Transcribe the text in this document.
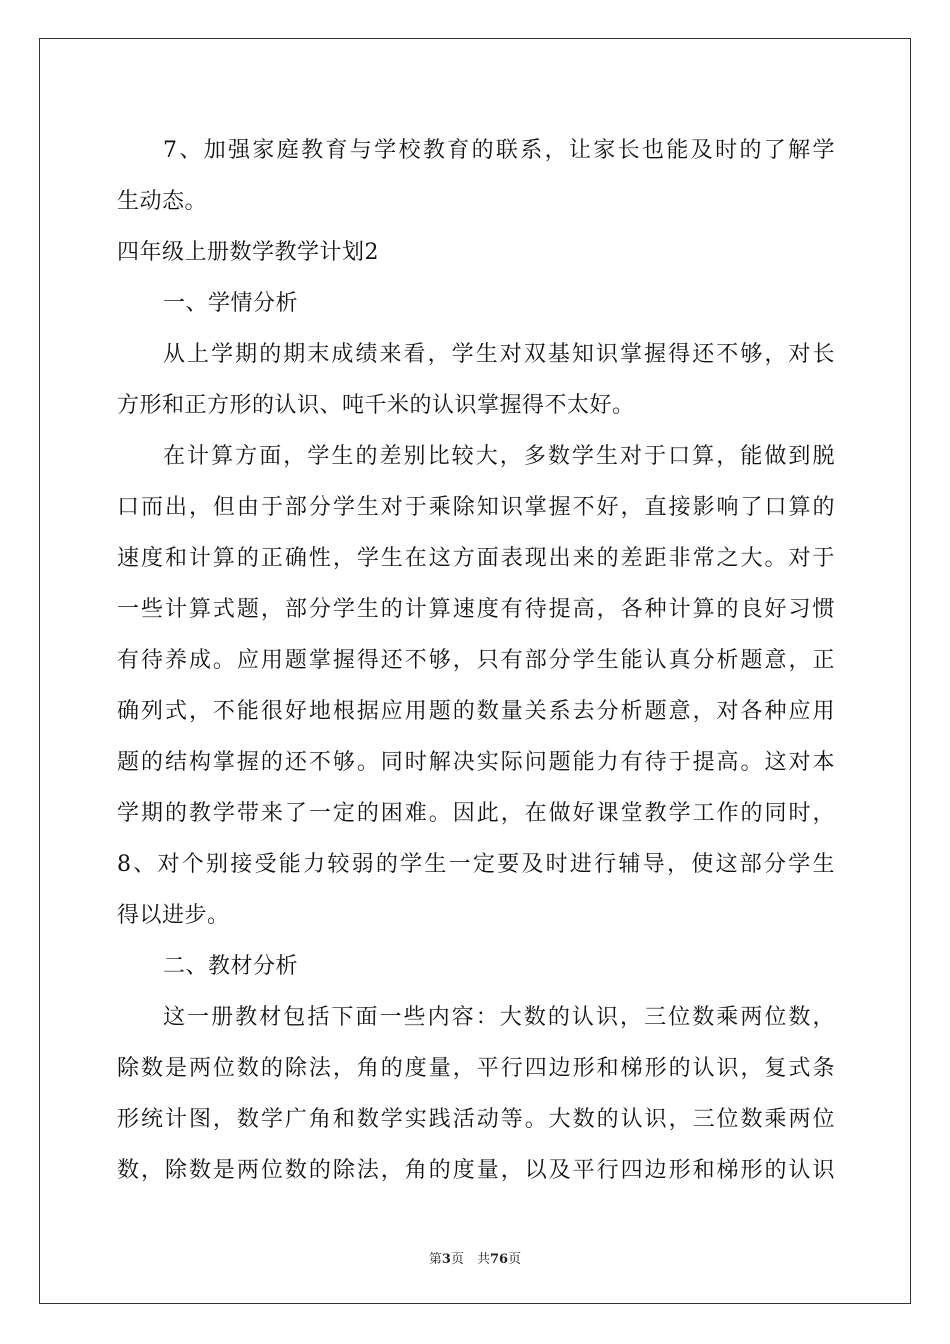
7、加强家庭教育与学校教育的联系，让家长也能及时的了解学
生动态。
四年级上册数学教学计划2
一、学情分析
从上学期的期末成绩来看，学生对双基知识掌握得还不够，对长
方形和正方形的认识、吨千米的认识掌握得不太好。
在计算方面，学生的差别比较大，多数学生对于口算，能做到脱
口而出，但由于部分学生对于乘除知识掌握不好，直接影响了口算的
速度和计算的正确性，学生在这方面表现出来的差距非常之大。对于
一些计算式题，部分学生的计算速度有待提高，各种计算的良好习惯
有待养成。应用题掌握得还不够，只有部分学生能认真分析题意，正
确列式，不能很好地根据应用题的数量关系去分析题意，对各种应用
题的结构掌握的还不够。同时解决实际问题能力有待于提高。这对本
学期的教学带来了一定的困难。因此，在做好课堂教学工作的同时，
8、对个别接受能力较弱的学生一定要及时进行辅导，使这部分学生
得以进步。
二、教材分析
这一册教材包括下面一些内容：大数的认识，三位数乘两位数，
除数是两位数的除法，角的度量，平行四边形和梯形的认识，复式条
形统计图，数学广角和数学实践活动等。大数的认识，三位数乘两位
数，除数是两位数的除法，角的度量，以及平行四边形和梯形的认识
第3页　共76页
